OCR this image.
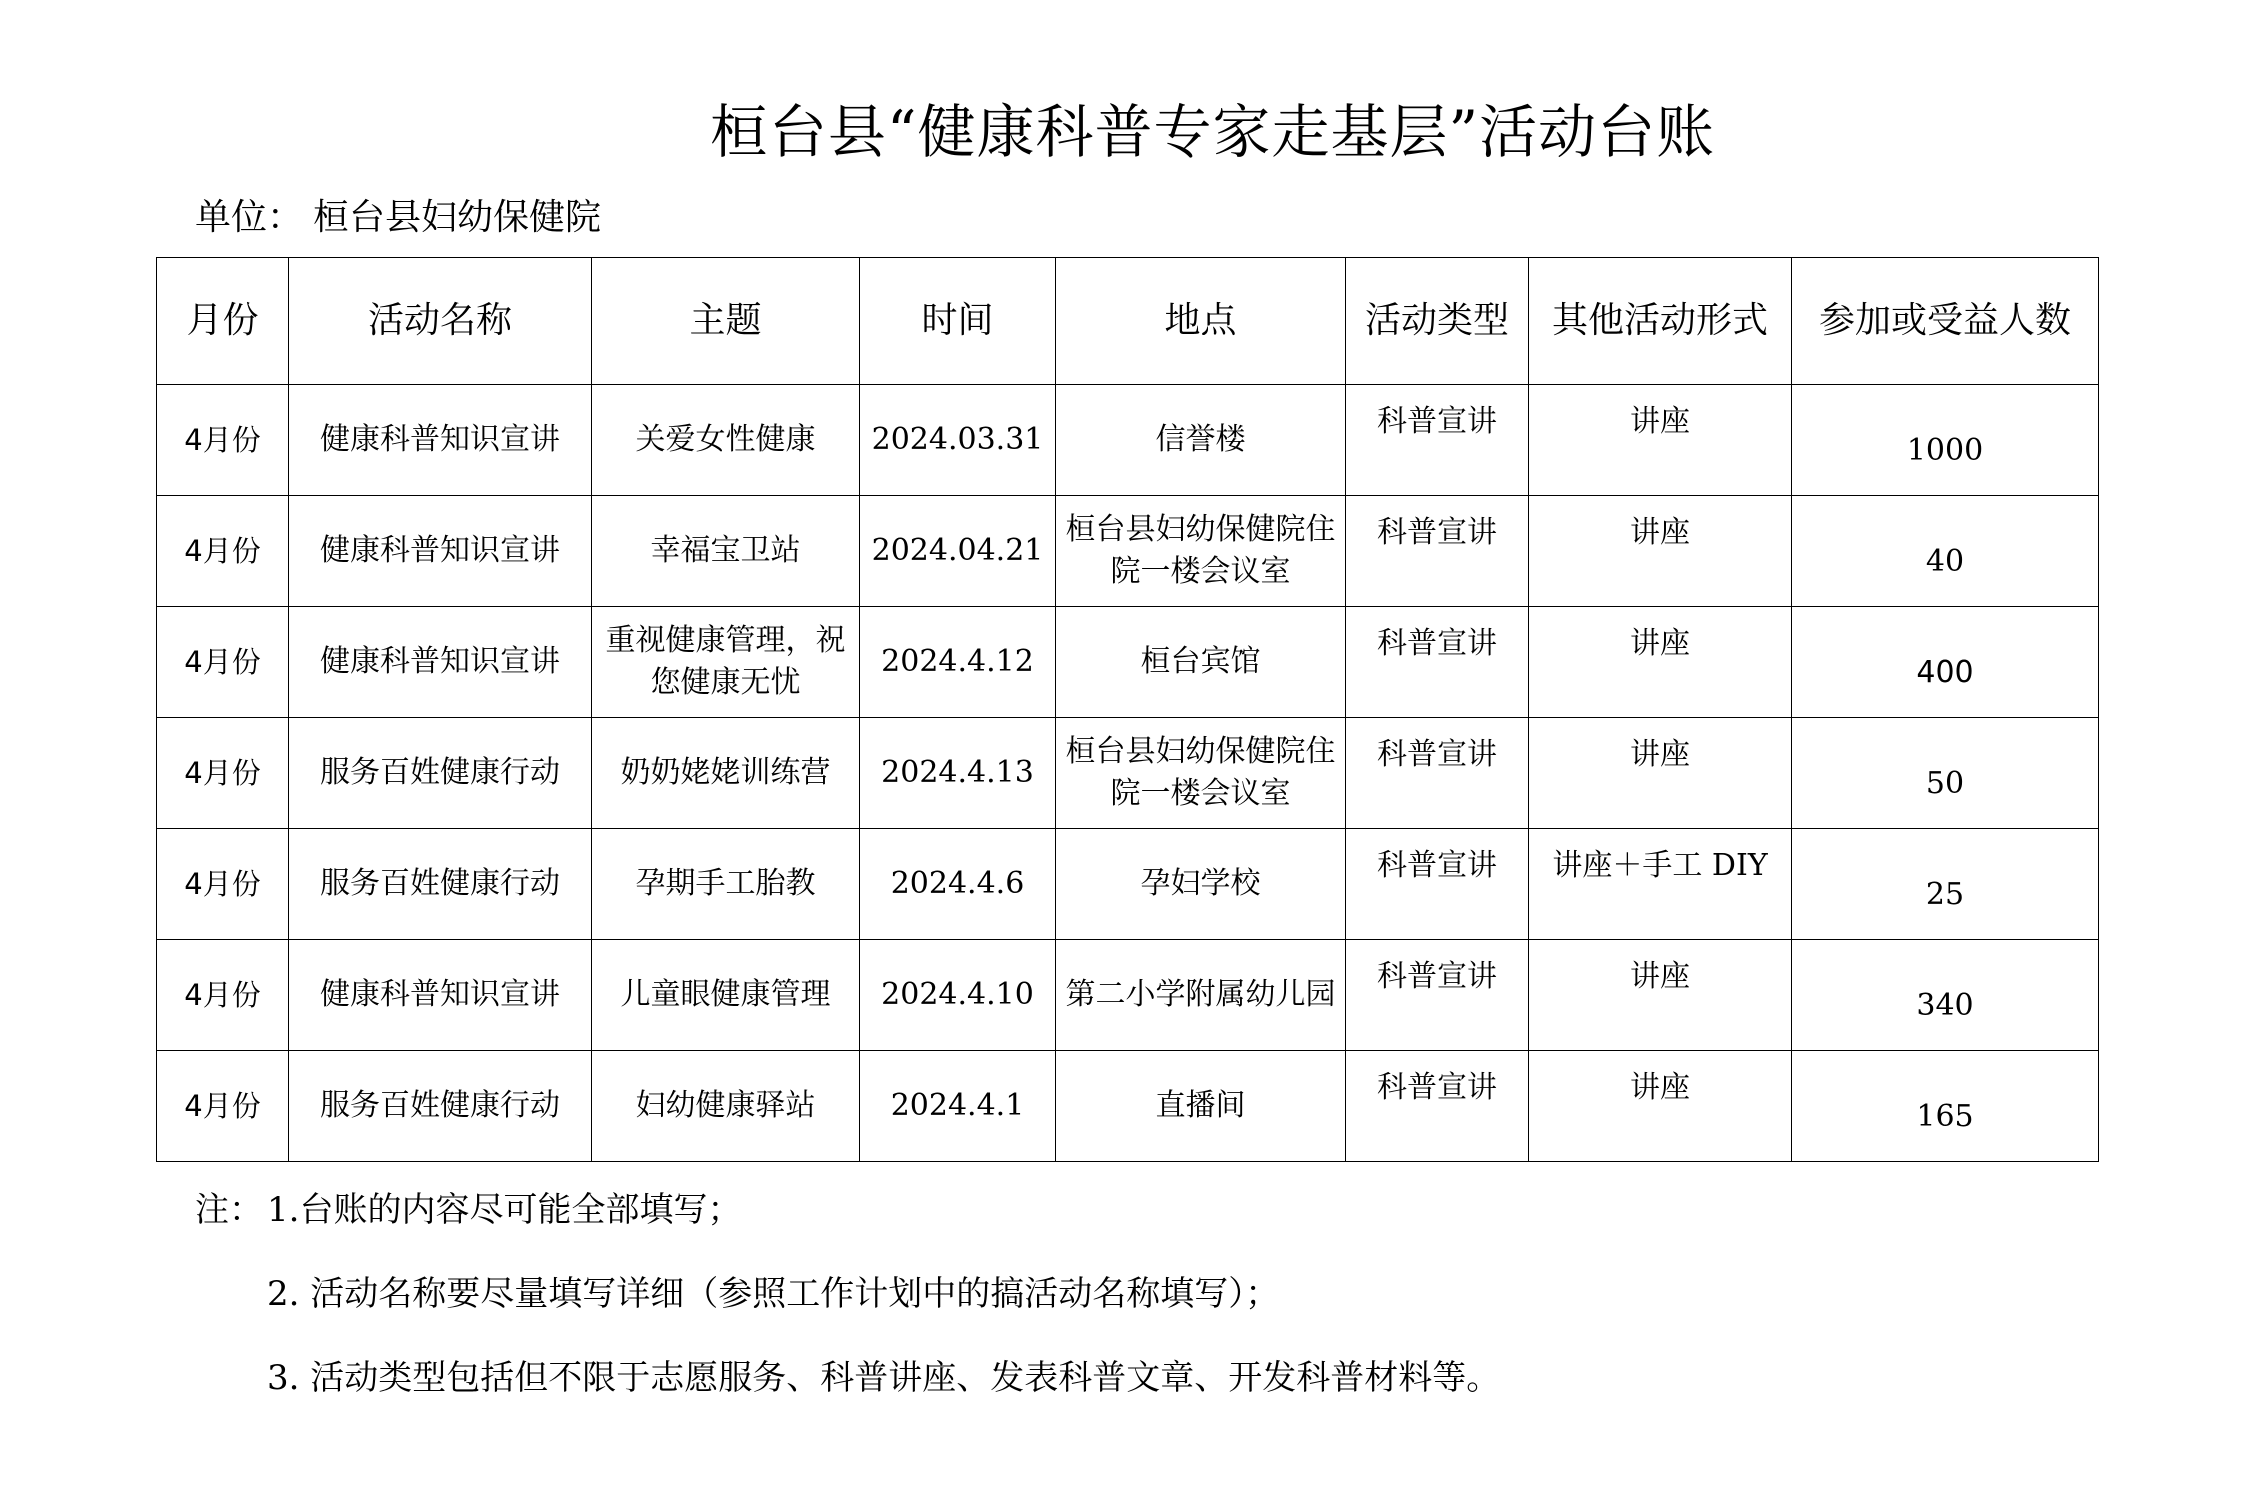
桓台县“健康科普专家走基层”活动台账
单位： 桓台县妇幼保健院
月份	活动名称	主题	时间	地点	活动类型	其他活动形式	参加或受益人数
4月份	健康科普知识宣讲	关爱女性健康	2024.03.31	信誉楼	科普宣讲	讲座	1000
4月份	健康科普知识宣讲	幸福宝卫站	2024.04.21	桓台县妇幼保健院住院一楼会议室	科普宣讲	讲座	40
4月份	健康科普知识宣讲	重视健康管理，祝您健康无忧	2024.4.12	桓台宾馆	科普宣讲	讲座	400
4月份	服务百姓健康行动	奶奶姥姥训练营	2024.4.13	桓台县妇幼保健院住院一楼会议室	科普宣讲	讲座	50
4月份	服务百姓健康行动	孕期手工胎教	2024.4.6	孕妇学校	科普宣讲	讲座＋手工 DIY	25
4月份	健康科普知识宣讲	儿童眼健康管理	2024.4.10	第二小学附属幼儿园	科普宣讲	讲座	340
4月份	服务百姓健康行动	妇幼健康驿站	2024.4.1	直播间	科普宣讲	讲座	165
注： 1.台账的内容尽可能全部填写；
2. 活动名称要尽量填写详细（参照工作计划中的搞活动名称填写）；
3. 活动类型包括但不限于志愿服务、科普讲座、发表科普文章、开发科普材料等。
